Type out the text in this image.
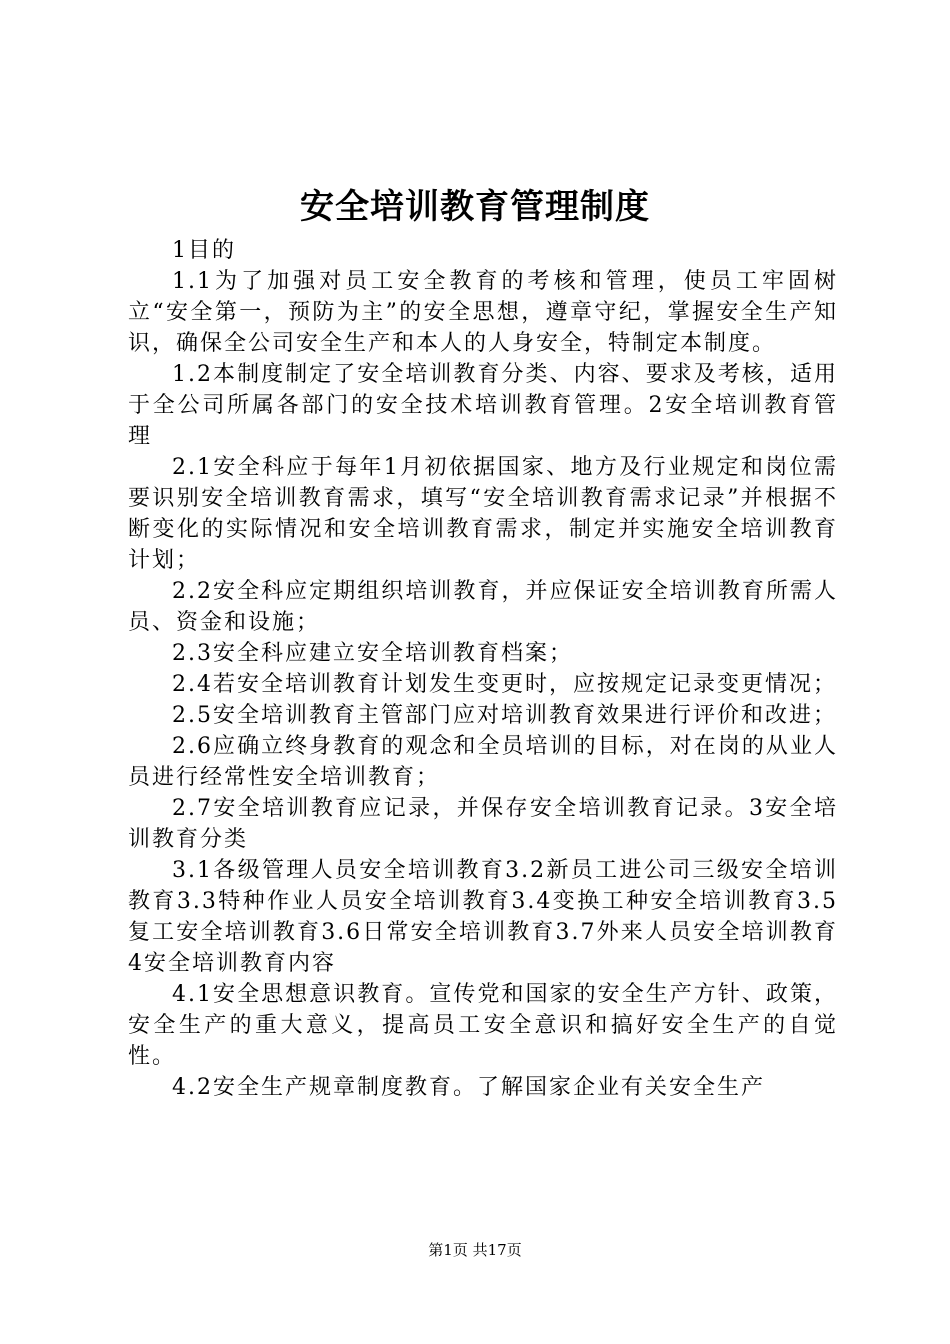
安全培训教育管理制度

1目的

1.1为了加强对员工安全教育的考核和管理，使员工牢固树立“安全第一，预防为主”的安全思想，遵章守纪，掌握安全生产知识，确保全公司安全生产和本人的人身安全，特制定本制度。

1.2本制度制定了安全培训教育分类、内容、要求及考核，适用于全公司所属各部门的安全技术培训教育管理。2安全培训教育管理

2.1安全科应于每年1月初依据国家、地方及行业规定和岗位需要识别安全培训教育需求，填写“安全培训教育需求记录”并根据不断变化的实际情况和安全培训教育需求，制定并实施安全培训教育计划；

2.2安全科应定期组织培训教育，并应保证安全培训教育所需人员、资金和设施；

2.3安全科应建立安全培训教育档案；

2.4若安全培训教育计划发生变更时，应按规定记录变更情况；

2.5安全培训教育主管部门应对培训教育效果进行评价和改进；

2.6应确立终身教育的观念和全员培训的目标，对在岗的从业人员进行经常性安全培训教育；

2.7安全培训教育应记录，并保存安全培训教育记录。3安全培训教育分类

3.1各级管理人员安全培训教育3.2新员工进公司三级安全培训教育3.3特种作业人员安全培训教育3.4变换工种安全培训教育3.5复工安全培训教育3.6日常安全培训教育3.7外来人员安全培训教育4安全培训教育内容

4.1安全思想意识教育。宣传党和国家的安全生产方针、政策，安全生产的重大意义，提高员工安全意识和搞好安全生产的自觉性。

4.2安全生产规章制度教育。了解国家企业有关安全生产

第1页 共17页
